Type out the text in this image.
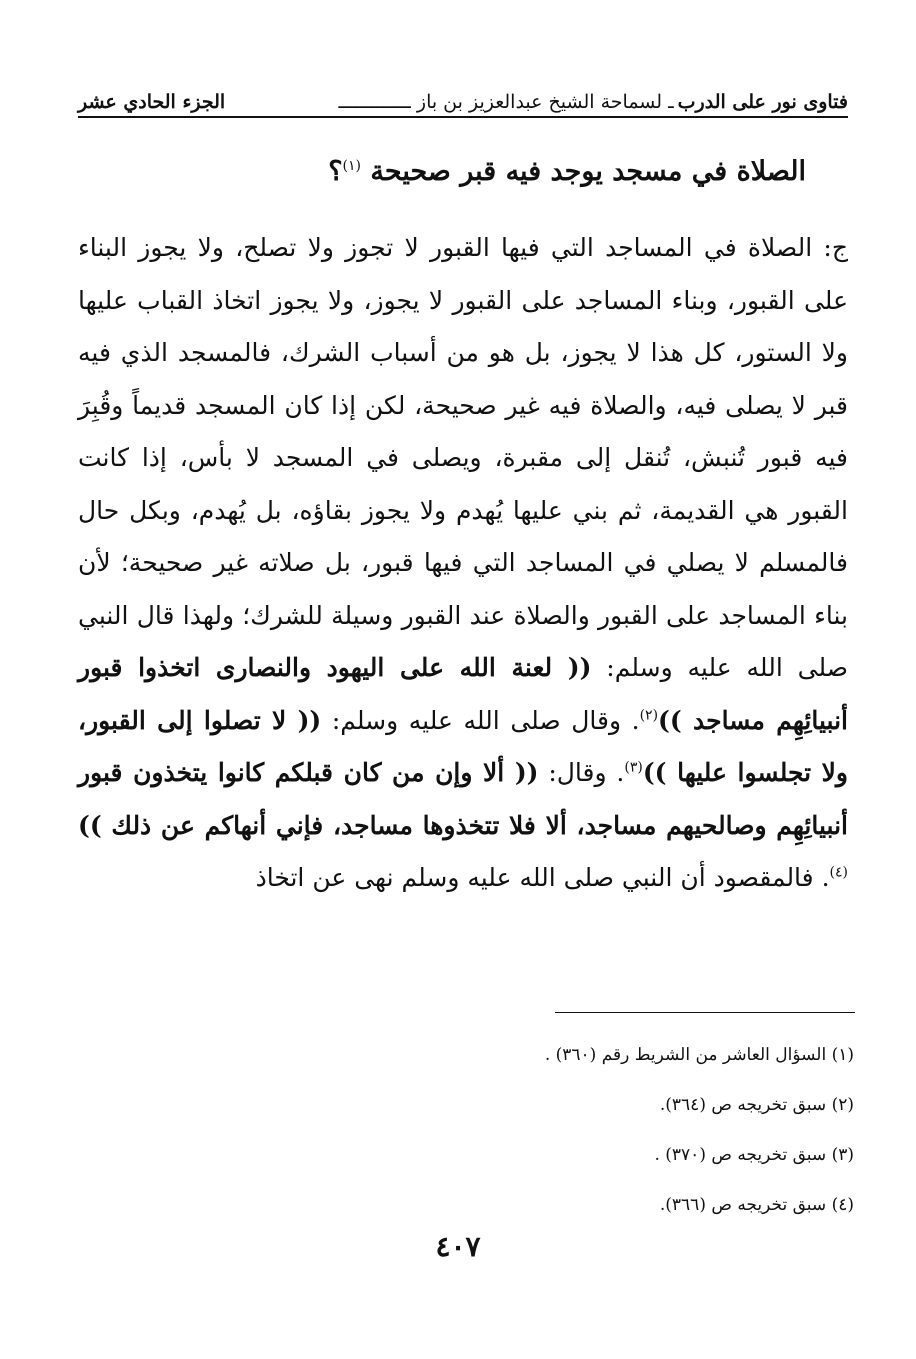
فتاوى نور على الدرب
ـ لسماحة الشيخ عبدالعزيز بن باز ـــــــــــــ
الجزء الحادي عشر
الصلاة في مسجد يوجد فيه قبر صحيحة $^{(١)}$؟
ج: الصلاة في المساجد التي فيها القبور لا تجوز ولا تصلح، ولا يجوز البناء على القبور، وبناء المساجد على القبور لا يجوز، ولا يجوز اتخاذ القباب عليها ولا الستور، كل هذا لا يجوز، بل هو من أسباب الشرك، فالمسجد الذي فيه قبر لا يصلى فيه، والصلاة فيه غير صحيحة، لكن إذا كان المسجد قديماً وقُبِرَ فيه قبور تُنبش، تُنقل إلى مقبرة، ويصلى في المسجد لا بأس، إذا كانت القبور هي القديمة، ثم بني عليها يُهدم ولا يجوز بقاؤه، بل يُهدم، وبكل حال فالمسلم لا يصلي في المساجد التي فيها قبور، بل صلاته غير صحيحة؛ لأن بناء المساجد على القبور والصلاة عند القبور وسيلة للشرك؛ ولهذا قال النبي صلى الله عليه وسلم: (( لعنة الله على اليهود والنصارى اتخذوا قبور أنبيائِهِم مساجد ))$^{(٢)}$. وقال صلى الله عليه وسلم: (( لا تصلوا إلى القبور، ولا تجلسوا عليها ))$^{(٣)}$. وقال: (( ألا وإن من كان قبلكم كانوا يتخذون قبور أنبيائِهِم وصالحيهم مساجد، ألا فلا تتخذوها مساجد، فإني أنهاكم عن ذلك ))$^{(٤)}$. فالمقصود أن النبي صلى الله عليه وسلم نهى عن اتخاذ
(١) السؤال العاشر من الشريط رقم (٣٦٠) .
(٢) سبق تخريجه ص (٣٦٤).
(٣) سبق تخريجه ص (٣٧٠) .
(٤) سبق تخريجه ص (٣٦٦).
٤٠٧
